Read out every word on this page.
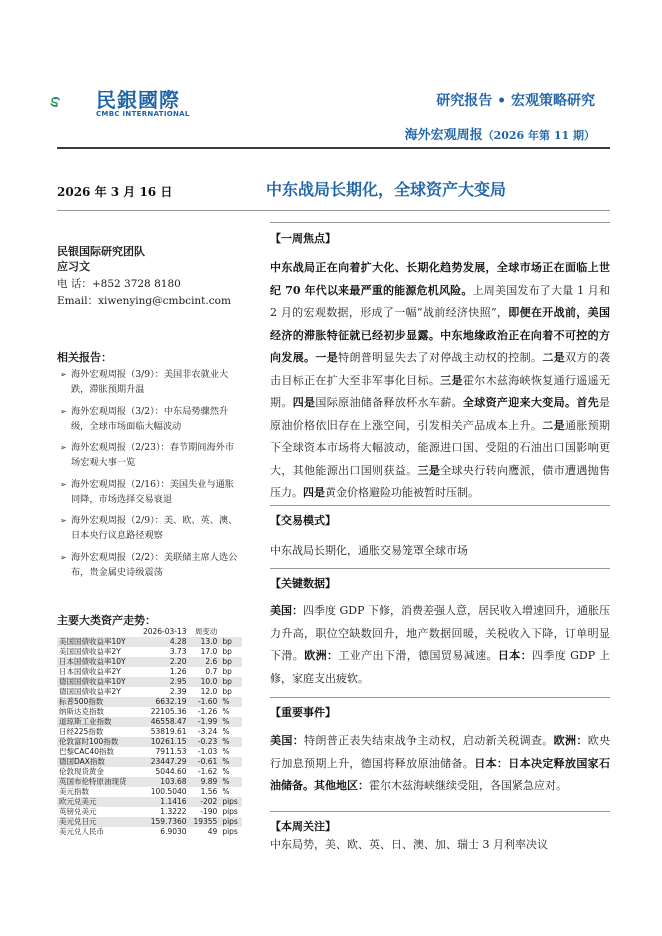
民銀國際
CMBC INTERNATIONAL
研究报告 • 宏观策略研究
海外宏观周报（2026 年第 11 期）
2026 年 3 月 16 日	中东战局长期化，全球资产大变局
民银国际研究团队
应习文
电 话：+852 3728 8180
Email：xiwenying@cmbcint.com
相关报告：
➢ 海外宏观周报（3/9）：美国非农就业大跌，滞胀预期升温
➢ 海外宏观周报（3/2）：中东局势骤然升级，全球市场面临大幅波动
➢ 海外宏观周报（2/23）：春节期间海外市场宏观大事一览
➢ 海外宏观周报（2/16）：美国失业与通胀同降，市场选择交易衰退
➢ 海外宏观周报（2/9）：美、欧、英、澳、日本央行议息路径观察
➢ 海外宏观周报（2/2）：美联储主席人选公布，贵金属史诗级震荡
主要大类资产走势：
	2026-03-13	周变动	
美国国债收益率10Y	4.28	13.0	bp
美国国债收益率2Y	3.73	17.0	bp
日本国债收益率10Y	2.20	2.6	bp
日本国债收益率2Y	1.26	0.7	bp
德国国债收益率10Y	2.95	10.0	bp
德国国债收益率2Y	2.39	12.0	bp
标普500指数	6632.19	-1.60	%
纳斯达克指数	22105.36	-1.26	%
道琼斯工业指数	46558.47	-1.99	%
日经225指数	53819.61	-3.24	%
伦敦富时100指数	10261.15	-0.23	%
巴黎CAC40指数	7911.53	-1.03	%
德国DAX指数	23447.29	-0.61	%
伦敦现货黄金	5044.60	-1.62	%
英国布伦特原油现货	103.68	9.89	%
美元指数	100.5040	1.56	%
欧元兑美元	1.1416	-202	pips
英镑兑美元	1.3222	-190	pips
美元兑日元	159.7360	19355	pips
美元兑人民币	6.9030	49	pips
【一周焦点】
中东战局正在向着扩大化、长期化趋势发展，全球市场正在面临上世纪 70 年代以来最严重的能源危机风险。上周美国发布了大量 1 月和 2 月的宏观数据，形成了一幅“战前经济快照”，即便在开战前，美国经济的滞胀特征就已经初步显露。中东地缘政治正在向着不可控的方向发展。一是特朗普明显失去了对停战主动权的控制。二是双方的袭击目标正在扩大至非军事化目标。三是霍尔木兹海峡恢复通行遥遥无期。四是国际原油储备释放杯水车薪。全球资产迎来大变局。首先是原油价格依旧存在上涨空间，引发相关产品成本上升。二是通胀预期下全球资本市场将大幅波动，能源进口国、受阻的石油出口国影响更大，其他能源出口国则获益。三是全球央行转向鹰派，债市遭遇抛售压力。四是黄金价格避险功能被暂时压制。
【交易模式】
中东战局长期化，通胀交易笼罩全球市场
【关键数据】
美国：四季度 GDP 下修，消费差强人意，居民收入增速回升，通胀压力升高，职位空缺数回升，地产数据回暖，关税收入下降，订单明显下滑。欧洲：工业产出下滑，德国贸易减速。日本：四季度 GDP 上修，家庭支出疲软。
【重要事件】
美国：特朗普正表失结束战争主动权，启动新关税调查。欧洲：欧央行加息预期上升，德国将释放原油储备。日本：日本决定释放国家石油储备。其他地区：霍尔木兹海峡继续受阻，各国紧急应对。
【本周关注】
中东局势，美、欧、英、日、澳、加、瑞士 3 月利率决议
